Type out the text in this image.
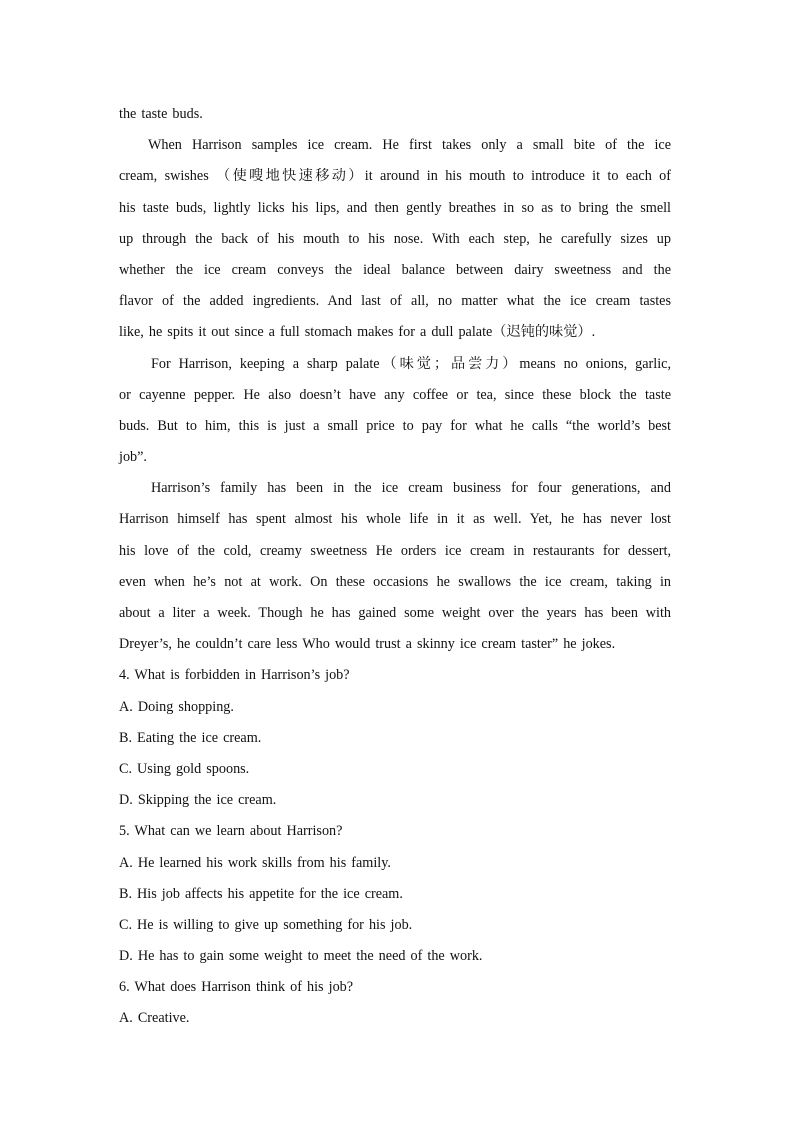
the taste buds.
When Harrison samples ice cream. He first takes only a small bite of the ice
cream, swishes （使嗖地快速移动）it around in his mouth to introduce it to each of
his taste buds, lightly licks his lips, and then gently breathes in so as to bring the smell
up through the back of his mouth to his nose. With each step, he carefully sizes up
whether the ice cream conveys the ideal balance between dairy sweetness and the
flavor of the added ingredients. And last of all, no matter what the ice cream tastes
like, he spits it out since a full stomach makes for a dull palate（迟钝的味觉）.
For Harrison, keeping a sharp palate（味觉；品尝力）means no onions, garlic,
or cayenne pepper. He also doesn’t have any coffee or tea, since these block the taste
buds. But to him, this is just a small price to pay for what he calls “the world’s best
job”.
Harrison’s family has been in the ice cream business for four generations, and
Harrison himself has spent almost his whole life in it as well. Yet, he has never lost
his love of the cold, creamy sweetness He orders ice cream in restaurants for dessert,
even when he’s not at work. On these occasions he swallows the ice cream, taking in
about a liter a week. Though he has gained some weight over the years has been with
Dreyer’s, he couldn’t care less Who would trust a skinny ice cream taster” he jokes.
4. What is forbidden in Harrison’s job?
A. Doing shopping.
B. Eating the ice cream.
C. Using gold spoons.
D. Skipping the ice cream.
5. What can we learn about Harrison?
A. He learned his work skills from his family.
B. His job affects his appetite for the ice cream.
C. He is willing to give up something for his job.
D. He has to gain some weight to meet the need of the work.
6. What does Harrison think of his job?
A. Creative.
